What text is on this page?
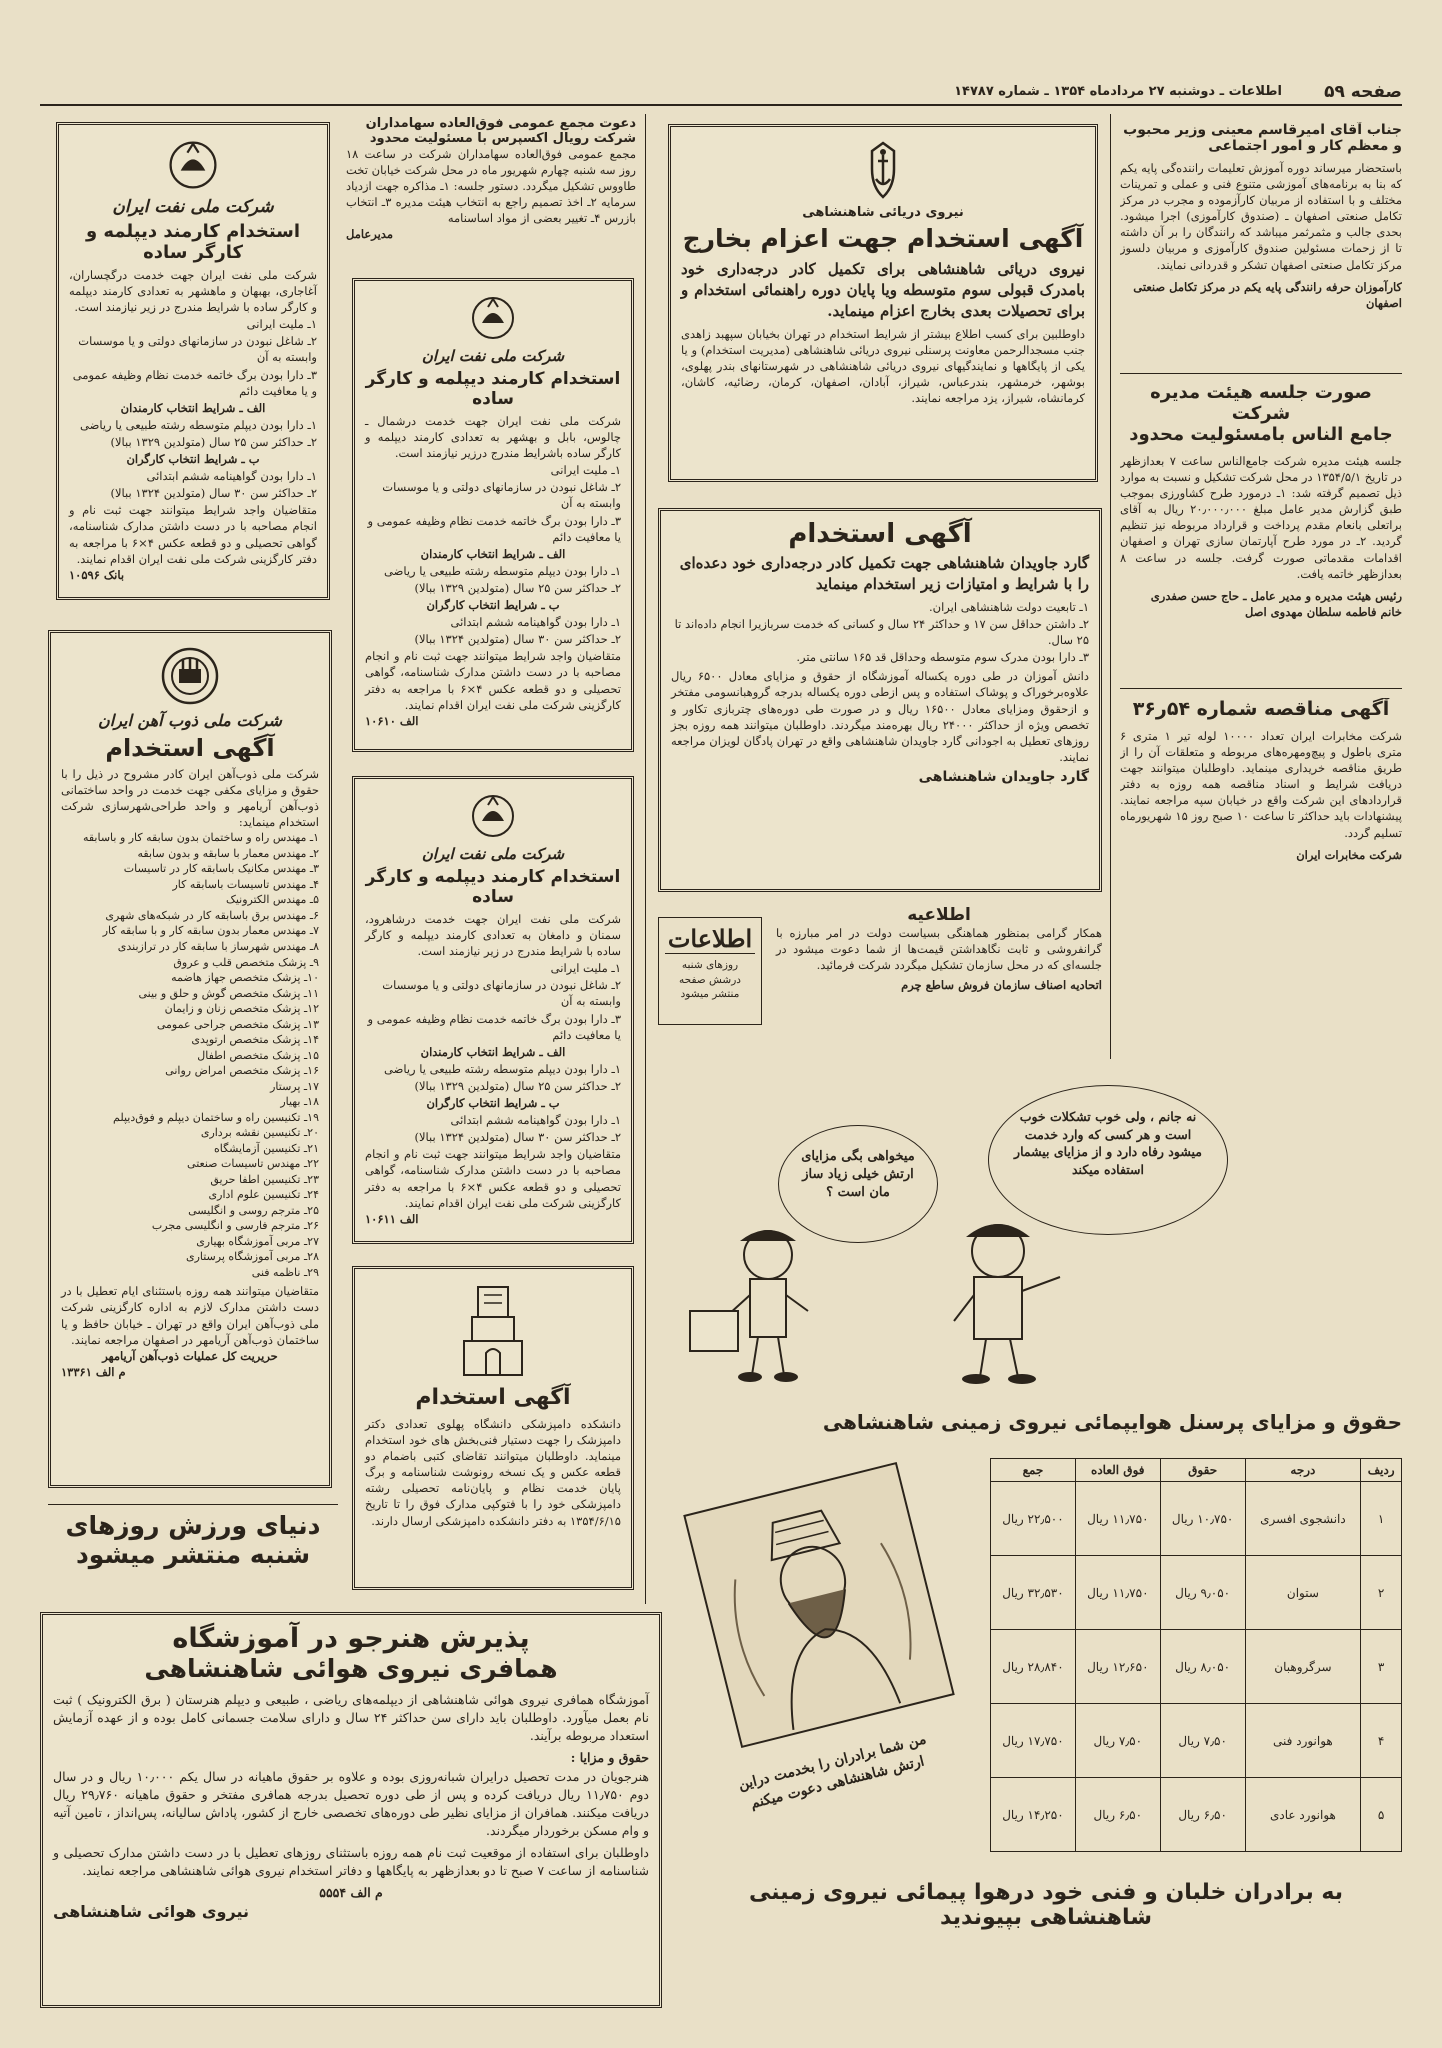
صفحه ۵۹
اطلاعات ـ دوشنبه ۲۷ مردادماه ۱۳۵۴ ـ شماره ۱۴۷۸۷
جناب آقای امیرقاسم معینی وزیر محبوب و معظم کار و امور اجتماعی
باستحضار میرساند دوره آموزش تعلیمات راننده‌گی پایه یکم که بنا به برنامه‌های آموزشی متنوع فنی و عملی و تمرینات مختلف و با استفاده از مربیان کارآزموده و مجرب در مرکز تکامل صنعتی اصفهان ـ (صندوق کارآموزی) اجرا میشود. بحدی جالب و مثمرثمر میباشد که رانندگان را بر آن داشته تا از زحمات مسئولین صندوق کارآموزی و مربیان دلسوز مرکز تکامل صنعتی اصفهان تشکر و قدردانی نمایند.
کارآموزان حرفه رانندگی پایه یکم در مرکز تکامل صنعتی اصفهان
صورت جلسه هیئت مدیره شرکت
جامع الناس بامسئولیت محدود
جلسه هیئت مدیره شرکت جامع‌الناس ساعت ۷ بعدازظهر در تاریخ ۱۳۵۴/۵/۱ در محل شرکت تشکیل و نسبت به موارد ذیل تصمیم گرفته شد: ۱ـ درمورد طرح کشاورزی بموجب طبق گزارش مدیر عامل مبلغ ۲۰٫۰۰۰٫۰۰۰ ریال به آقای براتعلی بانعام مقدم پرداخت و قرارداد مربوطه نیز تنظیم گردید. ۲ـ در مورد طرح آپارتمان سازی تهران و اصفهان اقدامات مقدماتی صورت گرفت. جلسه در ساعت ۸ بعدازظهر خاتمه یافت.
رئیس هیئت مدیره و مدیر عامل ـ حاج حسن صفدری
خانم فاطمه سلطان مهدوی اصل
آگهی مناقصه شماره ۵۴ر۳۶
شرکت مخابرات ایران تعداد ۱۰۰۰۰ لوله تیر ۱ متری ۶ متری باطول و پیچ‌ومهره‌های مربوطه و متعلقات آن را از طریق مناقصه خریداری مینماید. داوطلبان میتوانند جهت دریافت شرایط و اسناد مناقصه همه روزه به دفتر قراردادهای این شرکت واقع در خیابان سپه مراجعه نمایند. پیشنهادات باید حداکثر تا ساعت ۱۰ صبح روز ۱۵ شهریورماه تسلیم گردد.
شرکت مخابرات ایران
نیروی دریائی شاهنشاهی
آگهی استخدام جهت اعزام بخارج
نیروی دریائی شاهنشاهی برای تکمیل کادر درجه‌داری خود بامدرک قبولی سوم متوسطه ویا پایان دوره راهنمائی استخدام و برای تحصیلات بعدی بخارج اعزام مینماید.
داوطلبین برای کسب اطلاع بیشتر از شرایط استخدام در تهران بخیابان سپهبد زاهدی جنب مسجدالرحمن معاونت پرسنلی نیروی دریائی شاهنشاهی (مدیریت استخدام) و یا یکی از پایگاهها و نمایندگیهای نیروی دریائی شاهنشاهی در شهرستانهای بندر پهلوی، بوشهر، خرمشهر، بندرعباس، شیراز، آبادان، اصفهان، کرمان، رضائیه، کاشان، کرمانشاه، شیراز، یزد مراجعه نمایند.
آگهی استخدام
گارد جاویدان شاهنشاهی جهت تکمیل کادر درجه‌داری خود دعده‌ای را با شرایط و امتیازات زیر استخدام مینماید
۱ـ تابعیت دولت شاهنشاهی ایران.
۲ـ داشتن حداقل سن ۱۷ و حداکثر ۲۴ سال و کسانی که خدمت سربازیرا انجام داده‌اند تا ۲۵ سال.
۳ـ دارا بودن مدرک سوم متوسطه وحداقل قد ۱۶۵ سانتی متر.
دانش آموزان در طی دوره یکساله آموزشگاه از حقوق و مزایای معادل ۶۵۰۰ ریال علاوه‌برخوراک و پوشاک استفاده و پس ازطی دوره یکساله بدرجه گروهبانسومی مفتخر و ازحقوق ومزایای معادل ۱۶۵۰۰ ریال و در صورت طی دوره‌های چتربازی تکاور و تخصص ویژه از حداکثر ۲۴۰۰۰ ریال بهره‌مند میگردند. داوطلبان میتوانند همه روزه بجز روزهای تعطیل به اجودانی گارد جاویدان شاهنشاهی واقع در تهران پادگان لویزان مراجعه نمایند.
گارد جاویدان شاهنشاهی
اطلاعات
روزهای شنبه درشش صفحه منتشر میشود
اطلاعیه
همکار گرامی بمنظور هماهنگی بسیاست دولت در امر مبارزه با گرانفروشی و ثابت نگاهداشتن قیمت‌ها از شما دعوت میشود در جلسه‌ای که در محل سازمان تشکیل میگردد شرکت فرمائید.
اتحادیه اصناف سازمان فروش ساطع چرم
میخواهی بگی مزایای ارتش خیلی زیاد ساز مان است ؟
نه جانم ، ولی خوب تشکلات خوب است و هر کسی که وارد خدمت میشود رفاه دارد و از مزایای بیشمار استفاده میکند
حقوق و مزایای پرسنل هوایپمائی نیروی زمینی شاهنشاهی
ردیف	درجه	حقوق	فوق العاده	جمع
۱	دانشجوی افسری	۱۰٫۷۵۰ ریال	۱۱٫۷۵۰ ریال	۲۲٫۵۰۰ ریال
۲	ستوان	۹٫۰۵۰ ریال	۱۱٫۷۵۰ ریال	۳۲٫۵۳۰ ریال
۳	سرگروهبان	۸٫۰۵۰ ریال	۱۲٫۶۵۰ ریال	۲۸٫۸۴۰ ریال
۴	هوانورد فنی	۷٫۵۰ ریال	۷٫۵۰ ریال	۱۷٫۷۵۰ ریال
۵	هوانورد عادی	۶٫۵۰ ریال	۶٫۵۰ ریال	۱۴٫۲۵۰ ریال
من شما برادران را بخدمت دراین ارتش شاهنشاهی دعوت میکنم
به برادران خلبان و فنی خود درهوا پیمائی نیروی زمینی شاهنشاهی بپیوندید
دعوت مجمع عمومی فوق‌العاده سهامداران شرکت رویال اکسپرس با مسئولیت محدود
مجمع عمومی فوق‌العاده سهامداران شرکت در ساعت ۱۸ روز سه شنبه چهارم شهریور ماه در محل شرکت خیابان تخت طاووس تشکیل میگردد. دستور جلسه: ۱ـ مذاکره جهت ازدیاد سرمایه ۲ـ اخذ تصمیم راجع به انتخاب هیئت مدیره ۳ـ انتخاب بازرس ۴ـ تغییر بعضی از مواد اساسنامه
مدیرعامل
شرکت ملی نفت ایران
استخدام کارمند دیپلمه و کارگر ساده
شرکت ملی نفت ایران جهت خدمت درشمال ـ چالوس، بابل و بهشهر به تعدادی کارمند دیپلمه و کارگر ساده باشرایط مندرج درزیر نیازمند است.
۱ـ ملیت ایرانی
۲ـ شاغل نبودن در سازمانهای دولتی و یا موسسات وابسته به آن
۳ـ دارا بودن برگ خاتمه خدمت نظام وظیفه عمومی و یا معافیت دائم
الف ـ شرایط انتخاب کارمندان
۱ـ دارا بودن دیپلم متوسطه رشته طبیعی یا ریاضی
۲ـ حداکثر سن ۲۵ سال (متولدین ۱۳۲۹ ببالا)
ب ـ شرایط انتخاب کارگران
۱ـ دارا بودن گواهینامه ششم ابتدائی
۲ـ حداکثر سن ۳۰ سال (متولدین ۱۳۲۴ ببالا)
متقاضیان واجد شرایط میتوانند جهت ثبت نام و انجام مصاحبه با در دست داشتن مدارک شناسنامه، گواهی تحصیلی و دو قطعه عکس ۴×۶ با مراجعه به دفتر کارگزینی شرکت ملی نفت ایران اقدام نمایند.
الف ۱۰۶۱۰
شرکت ملی نفت ایران
استخدام کارمند دیپلمه و کارگر ساده
شرکت ملی نفت ایران جهت خدمت درشاهرود، سمنان و دامغان به تعدادی کارمند دیپلمه و کارگر ساده با شرایط مندرج در زیر نیازمند است.
۱ـ ملیت ایرانی
۲ـ شاغل نبودن در سازمانهای دولتی و یا موسسات وابسته به آن
۳ـ دارا بودن برگ خاتمه خدمت نظام وظیفه عمومی و یا معافیت دائم
الف ـ شرایط انتخاب کارمندان
۱ـ دارا بودن دیپلم متوسطه رشته طبیعی یا ریاضی
۲ـ حداکثر سن ۲۵ سال (متولدین ۱۳۲۹ ببالا)
ب ـ شرایط انتخاب کارگران
۱ـ دارا بودن گواهینامه ششم ابتدائی
۲ـ حداکثر سن ۳۰ سال (متولدین ۱۳۲۴ ببالا)
متقاضیان واجد شرایط میتوانند جهت ثبت نام و انجام مصاحبه با در دست داشتن مدارک شناسنامه، گواهی تحصیلی و دو قطعه عکس ۴×۶ با مراجعه به دفتر کارگزینی شرکت ملی نفت ایران اقدام نمایند.
الف ۱۰۶۱۱
آگهی استخدام
دانشکده دامپزشکی دانشگاه پهلوی تعدادی دکتر دامپزشک را جهت دستیار فنی‌بخش های خود استخدام مینماید. داوطلبان میتوانند تقاضای کتبی باضمام دو قطعه عکس و یک نسخه رونوشت شناسنامه و برگ پایان خدمت نظام و پایان‌نامه تحصیلی رشته دامپزشکی خود را با فتوکپی مدارک فوق را تا تاریخ ۱۳۵۴/۶/۱۵ به دفتر دانشکده دامپزشکی ارسال دارند.
شرکت ملی نفت ایران
استخدام کارمند دیپلمه و کارگر ساده
شرکت ملی نفت ایران جهت خدمت درگچساران، آغاجاری، بهبهان و ماهشهر به تعدادی کارمند دیپلمه و کارگر ساده با شرایط مندرج در زیر نیازمند است.
۱ـ ملیت ایرانی
۲ـ شاغل نبودن در سازمانهای دولتی و یا موسسات وابسته به آن
۳ـ دارا بودن برگ خاتمه خدمت نظام وظیفه عمومی و یا معافیت دائم
الف ـ شرایط انتخاب کارمندان
۱ـ دارا بودن دیپلم متوسطه رشته طبیعی یا ریاضی
۲ـ حداکثر سن ۲۵ سال (متولدین ۱۳۲۹ ببالا)
ب ـ شرایط انتخاب کارگران
۱ـ دارا بودن گواهینامه ششم ابتدائی
۲ـ حداکثر سن ۳۰ سال (متولدین ۱۳۲۴ ببالا)
متقاضیان واجد شرایط میتوانند جهت ثبت نام و انجام مصاحبه با در دست داشتن مدارک شناسنامه، گواهی تحصیلی و دو قطعه عکس ۴×۶ با مراجعه به دفتر کارگزینی شرکت ملی نفت ایران اقدام نمایند.
بانک ۱۰۵۹۶
شرکت ملی ذوب آهن ایران
آگهی استخدام
شرکت ملی ذوب‌آهن ایران کادر مشروح در ذیل را با حقوق و مزایای مکفی جهت خدمت در واحد ساختمانی ذوب‌آهن آریامهر و واحد طراحی‌شهرسازی شرکت استخدام مینماید:
۱ـ مهندس راه و ساختمان بدون سابقه کار و باسابقه
۲ـ مهندس معمار با سابقه و بدون سابقه
۳ـ مهندس مکانیک باسابقه کار در تاسیسات
۴ـ مهندس تاسیسات باسابقه کار
۵ـ مهندس الکترونیک
۶ـ مهندس برق باسابقه کار در شبکه‌های شهری
۷ـ مهندس معمار بدون سابقه کار و با سابقه کار
۸ـ مهندس شهرساز با سابقه کار در ترازبندی
۹ـ پزشک متخصص قلب و عروق
۱۰ـ پزشک متخصص جهاز هاضمه
۱۱ـ پزشک متخصص گوش و حلق و بینی
۱۲ـ پزشک متخصص زنان و زایمان
۱۳ـ پزشک متخصص جراحی عمومی
۱۴ـ پزشک متخصص ارتوپدی
۱۵ـ پزشک متخصص اطفال
۱۶ـ پزشک متخصص امراض روانی
۱۷ـ پرستار
۱۸ـ بهیار
۱۹ـ تکنیسین راه و ساختمان دیپلم و فوق‌دیپلم
۲۰ـ تکنیسین نقشه برداری
۲۱ـ تکنیسین آزمایشگاه
۲۲ـ مهندس تاسیسات صنعتی
۲۳ـ تکنیسین اطفا حریق
۲۴ـ تکنیسین علوم اداری
۲۵ـ مترجم روسی و انگلیسی
۲۶ـ مترجم فارسی و انگلیسی مجرب
۲۷ـ مربی آموزشگاه بهیاری
۲۸ـ مربی آموزشگاه پرستاری
۲۹ـ ناظمه فنی
متقاضیان میتوانند همه روزه باستثنای ایام تعطیل با در دست داشتن مدارک لازم به اداره کارگزینی شرکت ملی ذوب‌آهن ایران واقع در تهران ـ خیابان حافظ و یا ساختمان ذوب‌آهن آریامهر در اصفهان مراجعه نمایند.
حریریت کل عملیات ذوب‌آهن آریامهر
م الف ۱۳۳۶۱
دنیای ورزش روزهای
شنبه منتشر میشود
پذیرش هنرجو در آموزشگاه
همافری نیروی هوائی شاهنشاهی
آموزشگاه همافری نیروی هوائی شاهنشاهی از دیپلمه‌های ریاضی ، طبیعی و دیپلم هنرستان ( برق الکترونیک ) ثبت نام بعمل میآورد. داوطلبان باید دارای سن حداکثر ۲۴ سال و دارای سلامت جسمانی کامل بوده و از عهده آزمایش استعداد مربوطه برآیند.
حقوق و مزایا :
هنرجویان در مدت تحصیل درایران شبانه‌روزی بوده و علاوه بر حقوق ماهیانه در سال یکم ۱۰٫۰۰۰ ریال و در سال دوم ۱۱٫۷۵۰ ریال دریافت کرده و پس از طی دوره تحصیل بدرجه همافری مفتخر و حقوق ماهیانه ۲۹٫۷۶۰ ریال دریافت میکنند. همافران از مزایای نظیر طی دوره‌های تخصصی خارج از کشور، پاداش سالیانه، پس‌انداز ، تامین آتیه و وام مسکن برخوردار میگردند.
داوطلبان برای استفاده از موقعیت ثبت نام همه روزه باستثنای روزهای تعطیل با در دست داشتن مدارک تحصیلی و شناسنامه از ساعت ۷ صبح تا دو بعدازظهر به پایگاهها و دفاتر استخدام نیروی هوائی شاهنشاهی مراجعه نمایند.
م الف ۵۵۵۴
نیروی هوائی شاهنشاهی
